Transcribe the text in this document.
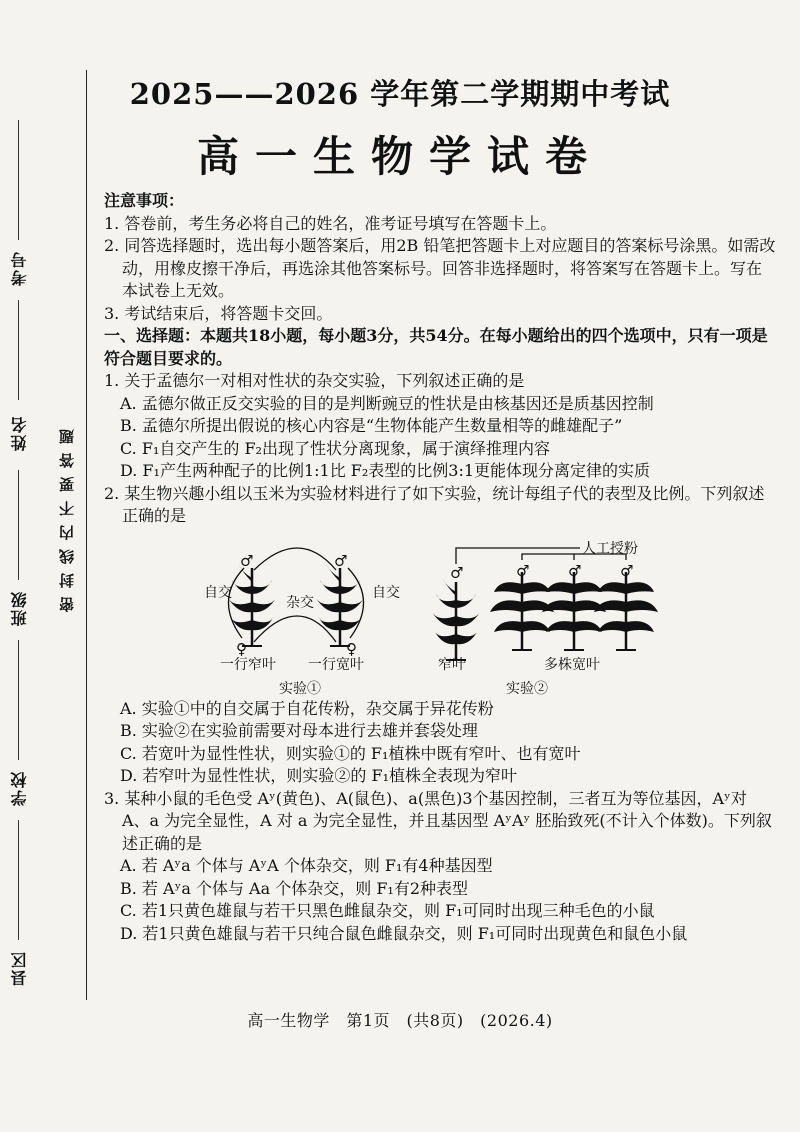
考号
姓名
班级
学校
县区
密封线内不要答题
2025——2026 学年第二学期期中考试
高一生物学试卷

注意事项：

1. 答卷前，考生务必将自己的姓名，准考证号填写在答题卡上。

2. 同答选择题时，选出每小题答案后，用2B 铅笔把答题卡上对应题目的答案标号涂黑。如需改动，用橡皮擦干净后，再选涂其他答案标号。回答非选择题时，将答案写在答题卡上。写在本试卷上无效。

3. 考试结束后，将答题卡交回。

一、选择题：本题共18小题，每小题3分，共54分。在每小题给出的四个选项中，只有一项是符合题目要求的。

1. 关于孟德尔一对相对性状的杂交实验，下列叙述正确的是

A. 孟德尔做正反交实验的目的是判断豌豆的性状是由核基因还是质基因控制

B. 孟德尔所提出假说的核心内容是“生物体能产生数量相等的雌雄配子”

C. F₁自交产生的 F₂出现了性状分离现象，属于演绎推理内容

D. F₁产生两种配子的比例1:1比 F₂表型的比例3:1更能体现分离定律的实质

2. 某生物兴趣小组以玉米为实验材料进行了如下实验，统计每组子代的表型及比例。下列叙述正确的是

♂	♂
♀	♀
自交
杂交
自交
一行窄叶 一行宽叶
实验①
♂	♂	♂	♂
人工授粉
窄叶	多株宽叶
实验②

A. 实验①中的自交属于自花传粉，杂交属于异花传粉

B. 实验②在实验前需要对母本进行去雄并套袋处理

C. 若宽叶为显性性状，则实验①的 F₁植株中既有窄叶、也有宽叶

D. 若窄叶为显性性状，则实验②的 F₁植株全表现为窄叶

3. 某种小鼠的毛色受 Aʸ(黄色)、A(鼠色)、a(黑色)3个基因控制，三者互为等位基因，Aʸ对 A、a 为完全显性，A 对 a 为完全显性，并且基因型 AʸAʸ 胚胎致死(不计入个体数)。下列叙述正确的是

A. 若 Aʸa 个体与 AʸA 个体杂交，则 F₁有4种基因型

B. 若 Aʸa 个体与 Aa 个体杂交，则 F₁有2种表型

C. 若1只黄色雄鼠与若干只黑色雌鼠杂交，则 F₁可同时出现三种毛色的小鼠

D. 若1只黄色雄鼠与若干只纯合鼠色雌鼠杂交，则 F₁可同时出现黄色和鼠色小鼠

高一生物学　第1页　(共8页)　(2026.4)
